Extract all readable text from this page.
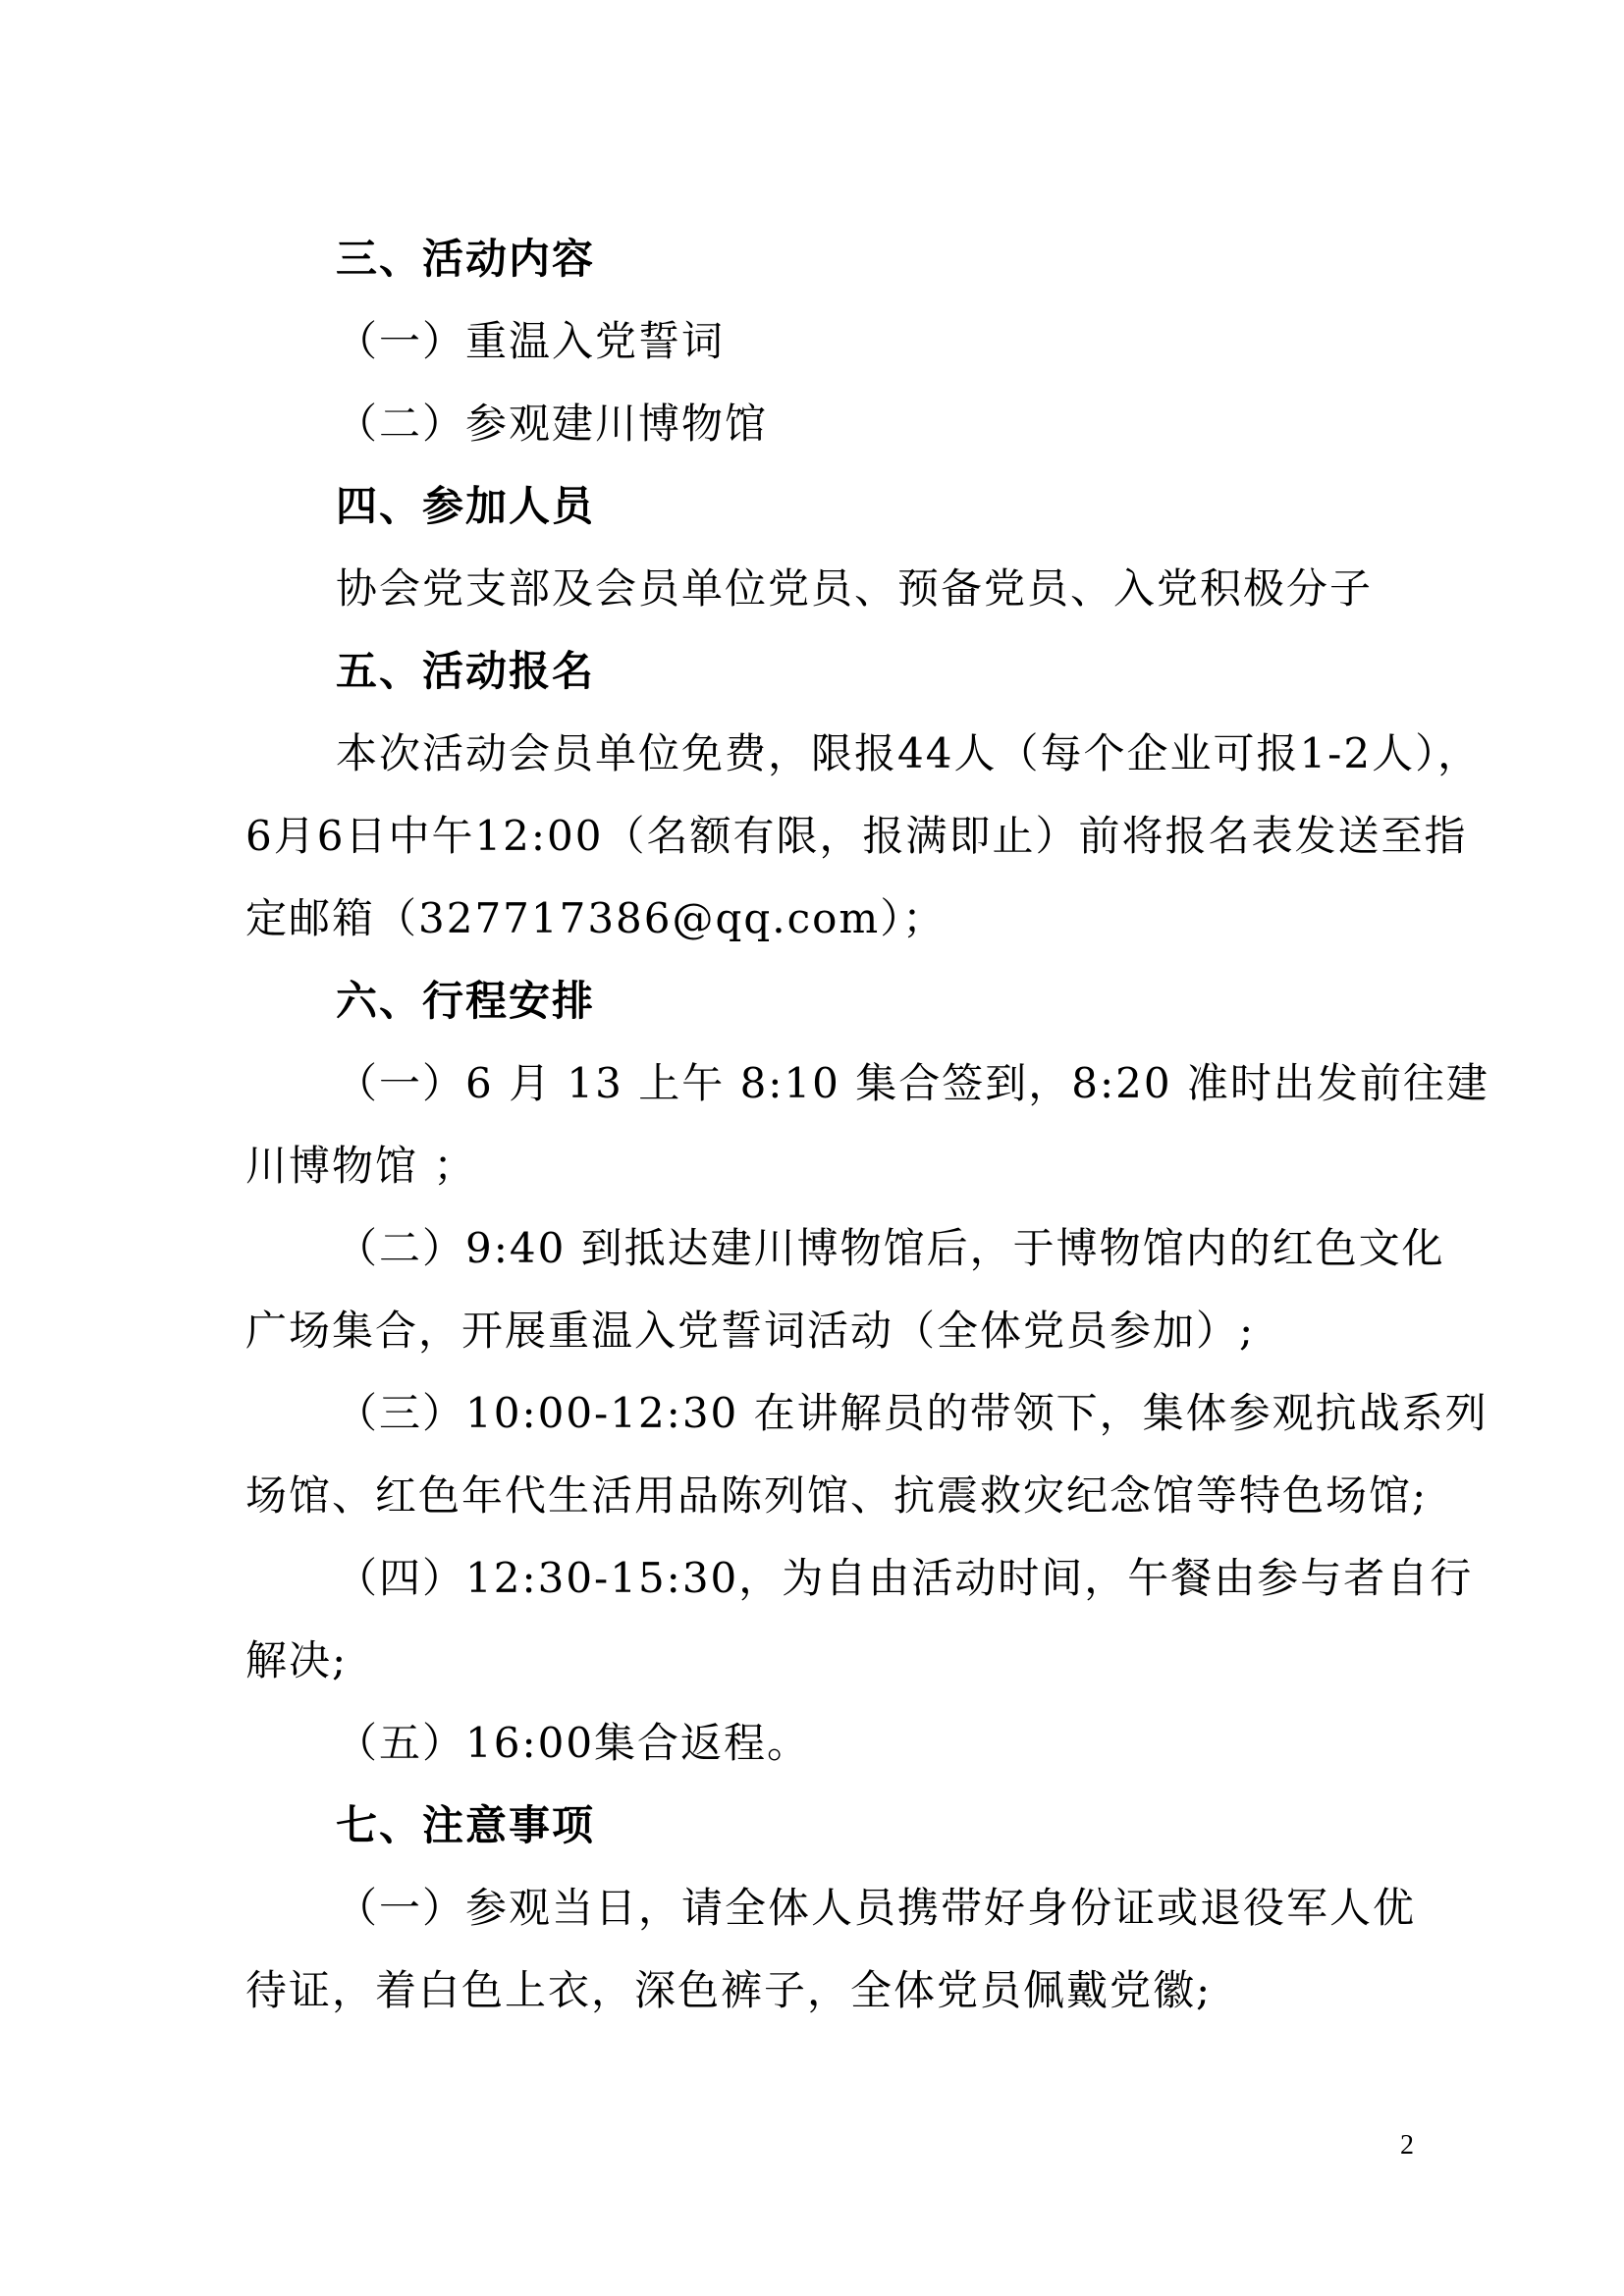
三、活动内容
（一）重温入党誓词
（二）参观建川博物馆
四、参加人员
协会党支部及会员单位党员、预备党员、入党积极分子
五、活动报名
本次活动会员单位免费，限报44人（每个企业可报1-2人），
6月6日中午12:00（名额有限，报满即止）前将报名表发送至指
定邮箱（327717386@qq.com）；
六、行程安排
（一）6 月 13 上午 8:10 集合签到，8:20 准时出发前往建
川博物馆 ；
（二）9:40 到抵达建川博物馆后，于博物馆内的红色文化
广场集合，开展重温入党誓词活动（全体党员参加）;
（三）10:00-12:30 在讲解员的带领下，集体参观抗战系列
场馆、红色年代生活用品陈列馆、抗震救灾纪念馆等特色场馆;
（四）12:30-15:30，为自由活动时间，午餐由参与者自行
解决;
（五）16:00集合返程。
七、注意事项
（一）参观当日，请全体人员携带好身份证或退役军人优
待证，着白色上衣，深色裤子，全体党员佩戴党徽;
2
